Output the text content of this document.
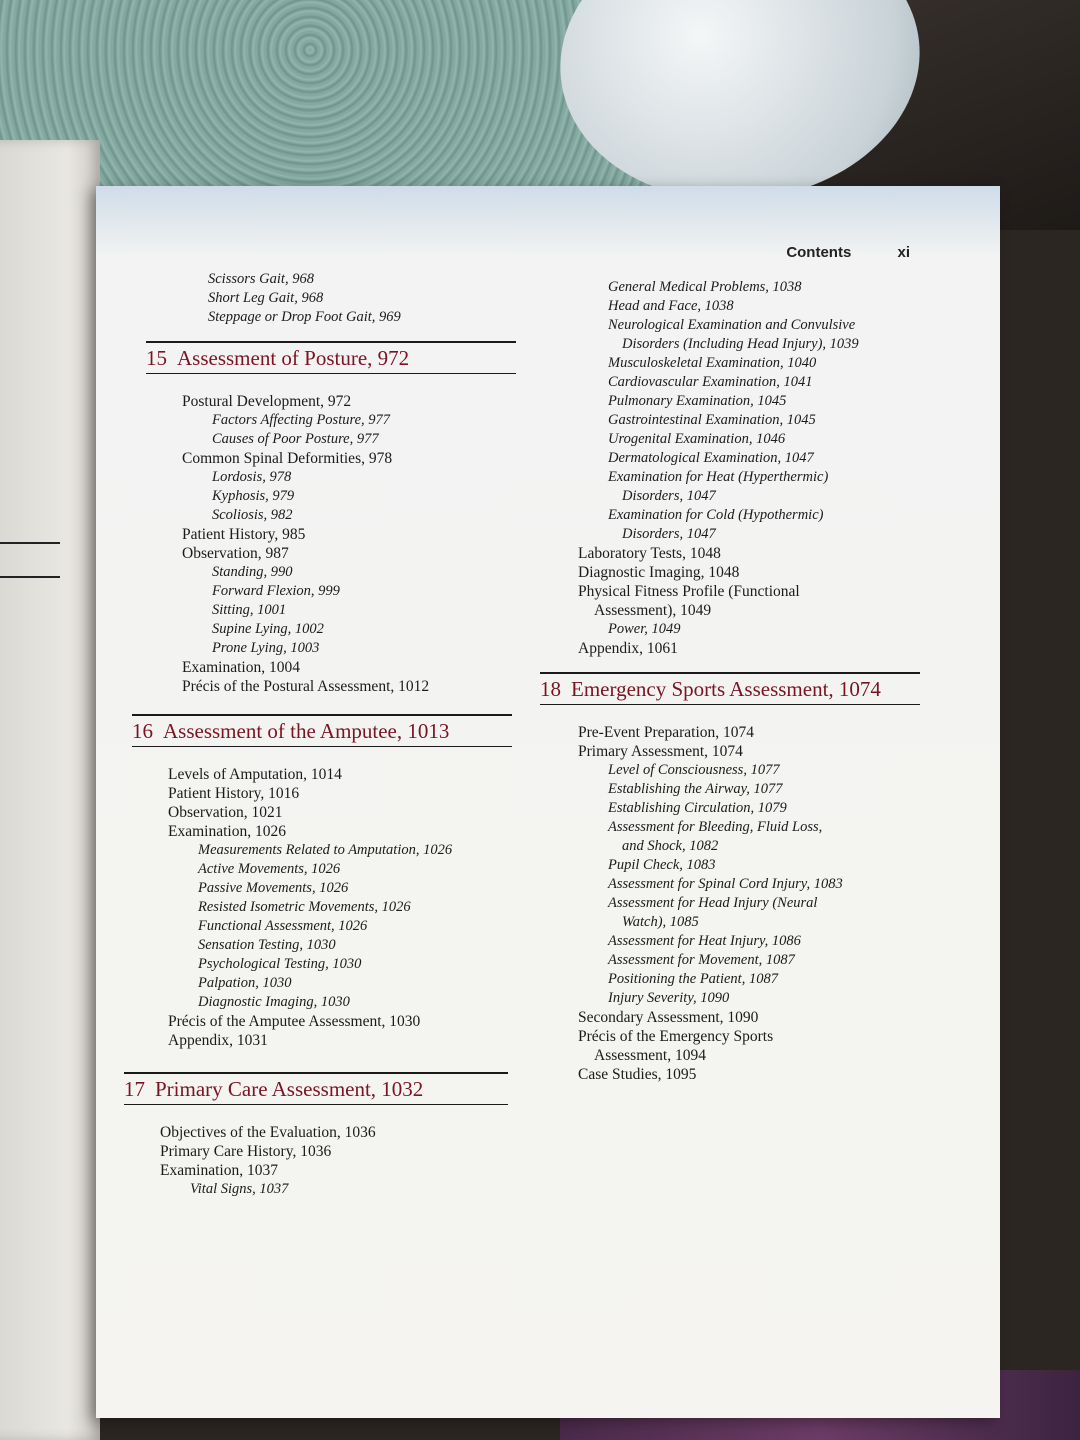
Contents	xi
Scissors Gait, 968
Short Leg Gait, 968
Steppage or Drop Foot Gait, 969
15 Assessment of Posture, 972
Postural Development, 972
Factors Affecting Posture, 977
Causes of Poor Posture, 977
Common Spinal Deformities, 978
Lordosis, 978
Kyphosis, 979
Scoliosis, 982
Patient History, 985
Observation, 987
Standing, 990
Forward Flexion, 999
Sitting, 1001
Supine Lying, 1002
Prone Lying, 1003
Examination, 1004
Précis of the Postural Assessment, 1012
16 Assessment of the Amputee, 1013
Levels of Amputation, 1014
Patient History, 1016
Observation, 1021
Examination, 1026
Measurements Related to Amputation, 1026
Active Movements, 1026
Passive Movements, 1026
Resisted Isometric Movements, 1026
Functional Assessment, 1026
Sensation Testing, 1030
Psychological Testing, 1030
Palpation, 1030
Diagnostic Imaging, 1030
Précis of the Amputee Assessment, 1030
Appendix, 1031
17 Primary Care Assessment, 1032
Objectives of the Evaluation, 1036
Primary Care History, 1036
Examination, 1037
Vital Signs, 1037
General Medical Problems, 1038
Head and Face, 1038
Neurological Examination and Convulsive
Disorders (Including Head Injury), 1039
Musculoskeletal Examination, 1040
Cardiovascular Examination, 1041
Pulmonary Examination, 1045
Gastrointestinal Examination, 1045
Urogenital Examination, 1046
Dermatological Examination, 1047
Examination for Heat (Hyperthermic)
Disorders, 1047
Examination for Cold (Hypothermic)
Disorders, 1047
Laboratory Tests, 1048
Diagnostic Imaging, 1048
Physical Fitness Profile (Functional
Assessment), 1049
Power, 1049
Appendix, 1061
18 Emergency Sports Assessment, 1074
Pre-Event Preparation, 1074
Primary Assessment, 1074
Level of Consciousness, 1077
Establishing the Airway, 1077
Establishing Circulation, 1079
Assessment for Bleeding, Fluid Loss,
and Shock, 1082
Pupil Check, 1083
Assessment for Spinal Cord Injury, 1083
Assessment for Head Injury (Neural
Watch), 1085
Assessment for Heat Injury, 1086
Assessment for Movement, 1087
Positioning the Patient, 1087
Injury Severity, 1090
Secondary Assessment, 1090
Précis of the Emergency Sports
Assessment, 1094
Case Studies, 1095
